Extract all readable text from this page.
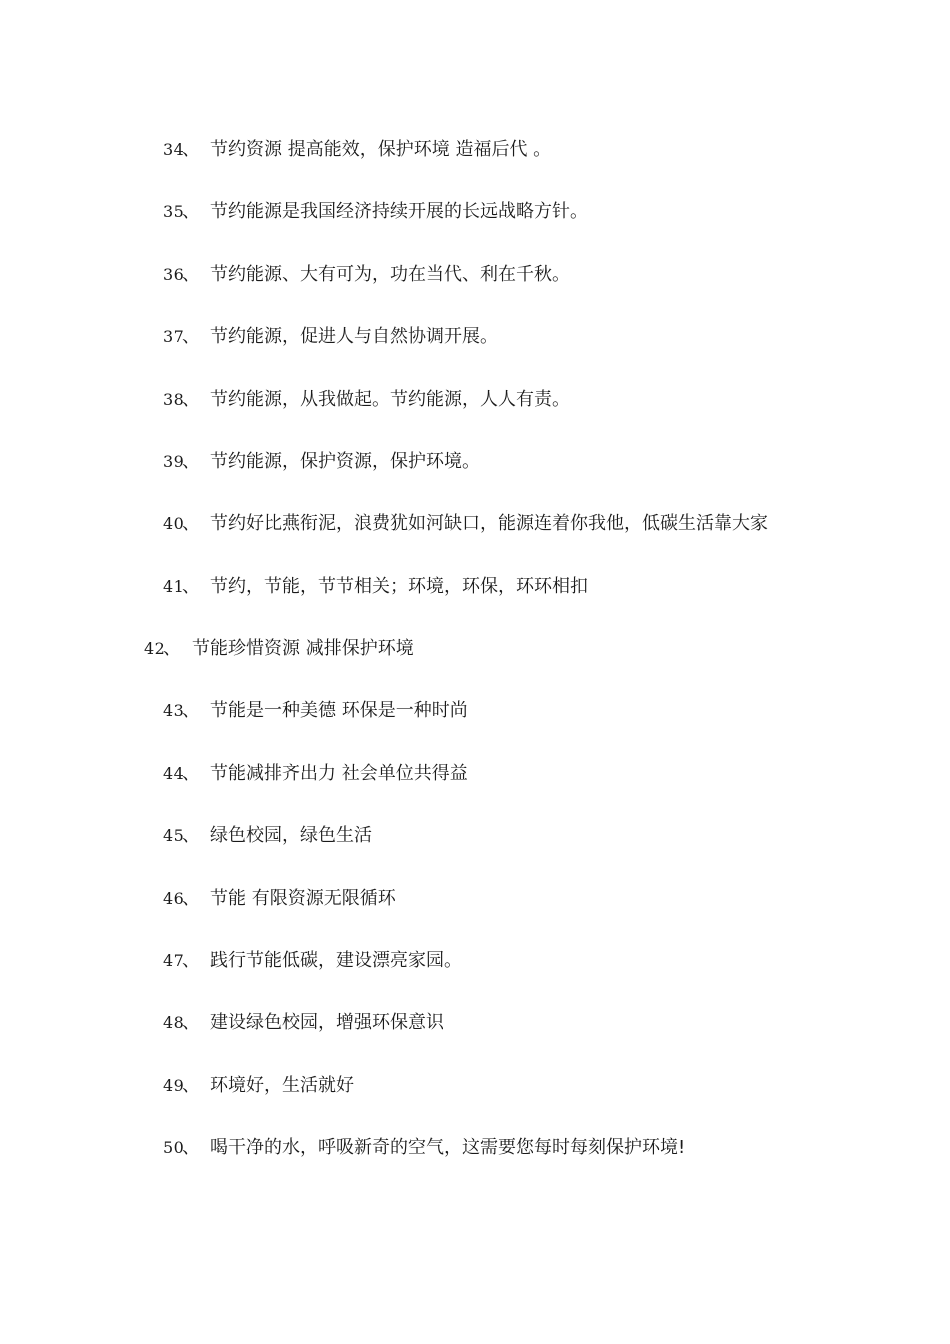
34
、 节约资源 提高能效，保护环境 造福后代 。
35
、 节约能源是我国经济持续开展的长远战略方针。
36
、 节约能源、大有可为，功在当代、利在千秋。
37
、 节约能源，促进人与自然协调开展。
38
、 节约能源，从我做起。节约能源，人人有责。
39
、 节约能源，保护资源，保护环境。
40
、 节约好比燕衔泥，浪费犹如河缺口，能源连着你我他，低碳生活靠大家
41
、 节约，节能，节节相关；环境，环保，环环相扣
42
、 节能珍惜资源 减排保护环境
43
、 节能是一种美德 环保是一种时尚
44
、 节能减排齐出力 社会单位共得益
45
、 绿色校园，绿色生活
46
、 节能 有限资源无限循环
47
、 践行节能低碳，建设漂亮家园。
48
、 建设绿色校园，增强环保意识
49
、 环境好，生活就好
50
、 喝干净的水，呼吸新奇的空气，这需要您每时每刻保护环境!
